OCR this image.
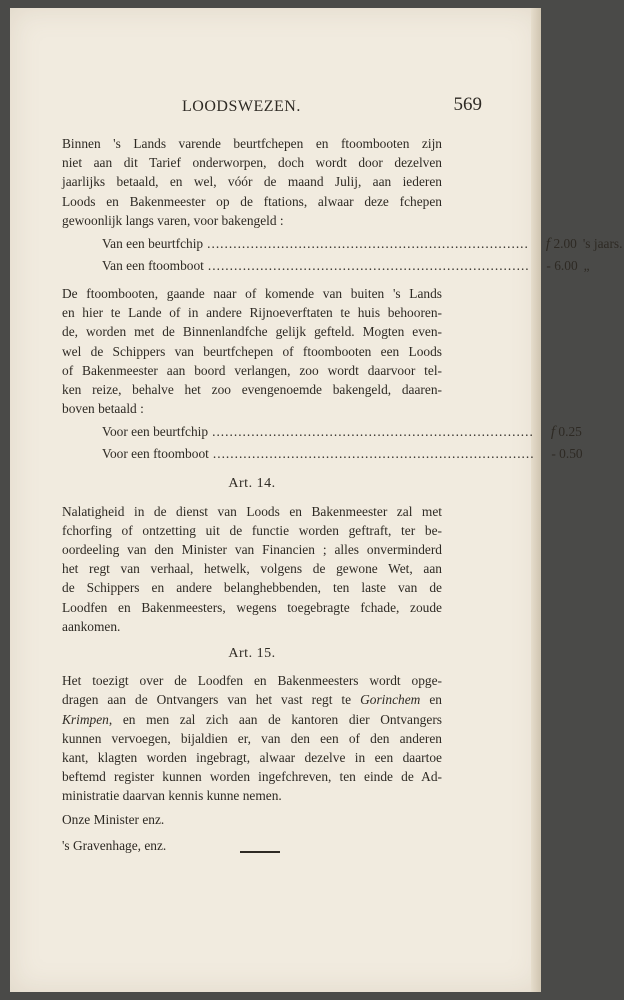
LOODSWEZEN.	569

Binnen 's Lands varende beurtfchepen en ftoombooten zijn
niet aan dit Tarief onderworpen, doch wordt door dezelven
jaarlijks betaald, en wel, vóór de maand Julij, aan iederen
Loods en Bakenmeester op de ftations, alwaar deze fchepen
gewoonlijk langs varen, voor bakengeld :

Van een beurtfchip ..........................................................................	f 2.00 's jaars.
Van een ftoomboot ..........................................................................	- 6.00 „

De ftoombooten, gaande naar of komende van buiten 's Lands
en hier te Lande of in andere Rijnoeverftaten te huis behooren-
de, worden met de Binnenlandfche gelijk gefteld. Mogten even-
wel de Schippers van beurtfchepen of ftoombooten een Loods
of Bakenmeester aan boord verlangen, zoo wordt daarvoor tel-
ken reize, behalve het zoo evengenoemde bakengeld, daaren-
boven betaald :

Voor een beurtfchip ..........................................................................	f 0.25
Voor een ftoomboot ..........................................................................	- 0.50
Art. 14.

Nalatigheid in de dienst van Loods en Bakenmeester zal met
fchorfing of ontzetting uit de functie worden geftraft, ter be-
oordeeling van den Minister van Financien ; alles onverminderd
het regt van verhaal, hetwelk, volgens de gewone Wet, aan
de Schippers en andere belanghebbenden, ten laste van de
Loodfen en Bakenmeesters, wegens toegebragte fchade, zoude
aankomen.

Art. 15.

Het toezigt over de Loodfen en Bakenmeesters wordt opge-
dragen aan de Ontvangers van het vast regt te Gorinchem en
Krimpen, en men zal zich aan de kantoren dier Ontvangers
kunnen vervoegen, bijaldien er, van den een of den anderen
kant, klagten worden ingebragt, alwaar dezelve in een daartoe
beftemd register kunnen worden ingefchreven, ten einde de Ad-
ministratie daarvan kennis kunne nemen.

Onze Minister enz.
's Gravenhage, enz.
